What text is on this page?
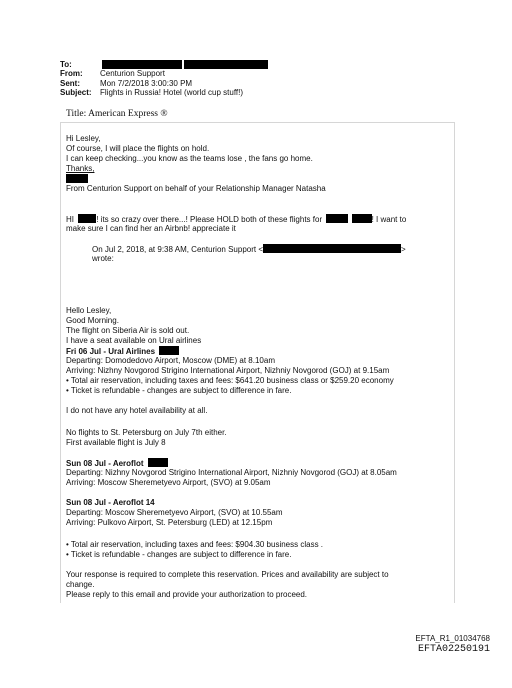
To:
From:	Centurion Support
Sent:	Mon 7/2/2018 3:00:30 PM
Subject:	Flights in Russia! Hotel (world cup stuff!)
Title: American Express ®
Hi Lesley,
Of course, I will place the flights on hold.
I can keep checking...you know as the teams lose , the fans go home.
Thanks,
From Centurion Support on behalf of your Relationship Manager Natasha
HI	! its so crazy over there...! Please HOLD both of these flights for	! I want to
make sure I can find her an Airbnb! appreciate it
On Jul 2, 2018, at 9:38 AM, Centurion Support <	>
wrote:
Hello Lesley,
Good Morning.
The flight on Siberia Air is sold out.
I have a seat available on Ural airlines
Fri 06 Jul - Ural Airlines
Departing: Domodedovo Airport, Moscow (DME) at 8.10am
Arriving: Nizhny Novgorod Strigino International Airport, Nizhniy Novgorod (GOJ) at 9.15am
• Total air reservation, including taxes and fees: $641.20 business class or $259.20 economy
• Ticket is refundable - changes are subject to difference in fare.
I do not have any hotel availability at all.
No flights to St. Petersburg on July 7th either.
First available flight is July 8
Sun 08 Jul - Aeroflot
Departing: Nizhny Novgorod Strigino International Airport, Nizhniy Novgorod (GOJ) at 8.05am
Arriving: Moscow Sheremetyevo Airport, (SVO) at 9.05am
Sun 08 Jul - Aeroflot 14
Departing: Moscow Sheremetyevo Airport, (SVO) at 10.55am
Arriving: Pulkovo Airport, St. Petersburg (LED) at 12.15pm
• Total air reservation, including taxes and fees: $904.30 business class .
• Ticket is refundable - changes are subject to difference in fare.
Your response is required to complete this reservation. Prices and availability are subject to
change.
Please reply to this email and provide your authorization to proceed.
EFTA_R1_01034768
EFTA02250191
